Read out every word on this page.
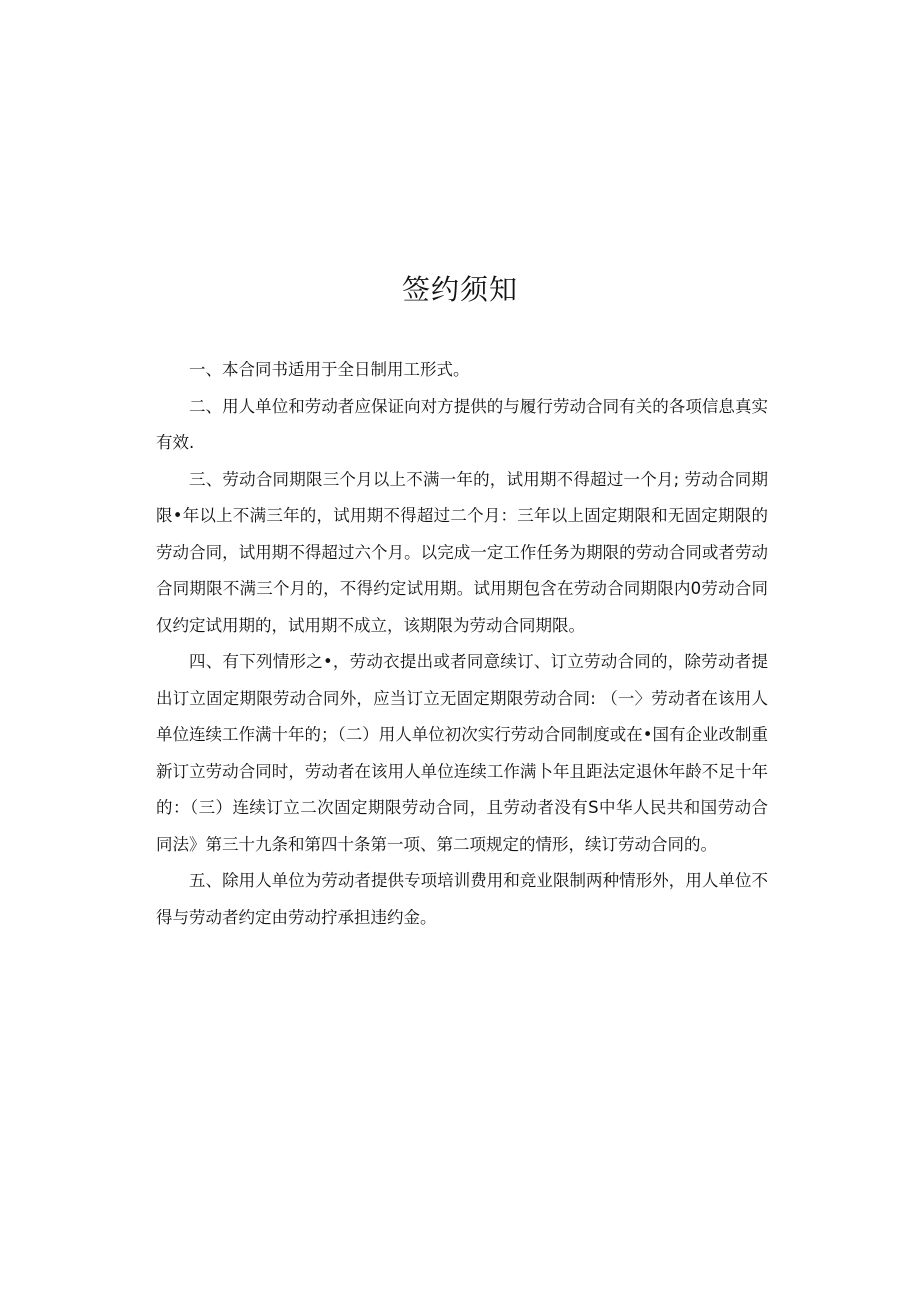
签约须知

一、本合同书适用于全日制用工形式。

二、用人单位和劳动者应保证向对方提供的与履行劳动合同有关的各项信息真实有效.

三、劳动合同期限三个月以上不满一年的，试用期不得超过一个月; 劳动合同期限•年以上不满三年的，试用期不得超过二个月：三年以上固定期限和无固定期限的劳动合同，试用期不得超过六个月。以完成一定工作任务为期限的劳动合同或者劳动合同期限不满三个月的，不得约定试用期。试用期包含在劳动合同期限内0劳动合同仅约定试用期的，试用期不成立，该期限为劳动合同期限。

四、有下列情形之•，劳动衣提出或者同意续订、订立劳动合同的，除劳动者提出订立固定期限劳动合同外，应当订立无固定期限劳动合同: （一〉劳动者在该用人单位连续工作满十年的；（二）用人单位初次实行劳动合同制度或在•国有企业改制重新订立劳动合同时，劳动者在该用人单位连续工作满卜年且距法定退休年龄不足十年的：（三）连续订立二次固定期限劳动合同，且劳动者没有S中华人民共和国劳动合同法》第三十九条和第四十条第一项、第二项规定的情形，续订劳动合同的。

五、除用人单位为劳动者提供专项培训费用和竞业限制两种情形外，用人单位不得与劳动者约定由劳动拧承担违约金。
